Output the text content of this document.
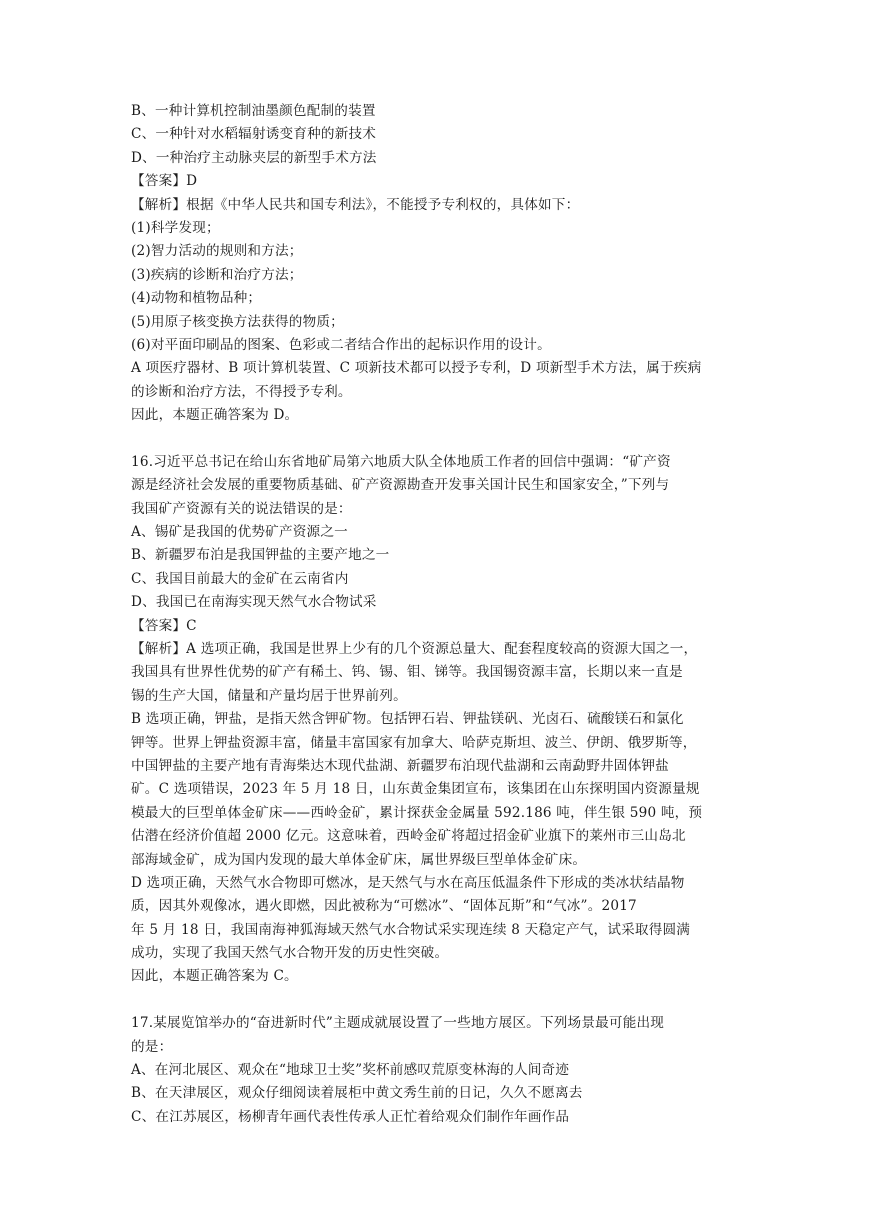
B、一种计算机控制油墨颜色配制的装置
C、一种针对水稻辐射诱变育种的新技术
D、一种治疗主动脉夹层的新型手术方法
【答案】D
【解析】根据《中华人民共和国专利法》，不能授予专利权的，具体如下：
(1)科学发现；
(2)智力活动的规则和方法；
(3)疾病的诊断和治疗方法；
(4)动物和植物品种；
(5)用原子核变换方法获得的物质；
(6)对平面印刷品的图案、色彩或二者结合作出的起标识作用的设计。
A 项医疗器材、B 项计算机装置、C 项新技术都可以授予专利，D 项新型手术方法，属于疾病
的诊断和治疗方法，不得授予专利。
因此，本题正确答案为 D。
16.习近平总书记在给山东省地矿局第六地质大队全体地质工作者的回信中强调：“矿产资
源是经济社会发展的重要物质基础、矿产资源勘查开发事关国计民生和国家安全，”下列与
我国矿产资源有关的说法错误的是：
A、锡矿是我国的优势矿产资源之一
B、新疆罗布泊是我国钾盐的主要产地之一
C、我国目前最大的金矿在云南省内
D、我国已在南海实现天然气水合物试采
【答案】C
【解析】A 选项正确，我国是世界上少有的几个资源总量大、配套程度较高的资源大国之一，
我国具有世界性优势的矿产有稀土、钨、锡、钼、锑等。我国锡资源丰富，长期以来一直是
锡的生产大国，储量和产量均居于世界前列。
B 选项正确，钾盐，是指天然含钾矿物。包括钾石岩、钾盐镁矾、光卤石、硫酸镁石和氯化
钾等。世界上钾盐资源丰富，储量丰富国家有加拿大、哈萨克斯坦、波兰、伊朗、俄罗斯等，
中国钾盐的主要产地有青海柴达木现代盐湖、新疆罗布泊现代盐湖和云南勐野井固体钾盐
矿。C 选项错误，2023 年 5 月 18 日，山东黄金集团宣布，该集团在山东探明国内资源量规
模最大的巨型单体金矿床——西岭金矿，累计探获金金属量 592.186 吨，伴生银 590 吨，预
估潜在经济价值超 2000 亿元。这意味着，西岭金矿将超过招金矿业旗下的莱州市三山岛北
部海域金矿，成为国内发现的最大单体金矿床，属世界级巨型单体金矿床。
D 选项正确，天然气水合物即可燃冰，是天然气与水在高压低温条件下形成的类冰状结晶物
质，因其外观像冰，遇火即燃，因此被称为“可燃冰”、“固体瓦斯”和“气冰”。2017
年 5 月 18 日，我国南海神狐海域天然气水合物试采实现连续 8 天稳定产气，试采取得圆满
成功，实现了我国天然气水合物开发的历史性突破。
因此，本题正确答案为 C。
17.某展览馆举办的“奋进新时代”主题成就展设置了一些地方展区。下列场景最可能出现
的是：
A、在河北展区、观众在“地球卫士奖”奖杯前感叹荒原变林海的人间奇迹
B、在天津展区，观众仔细阅读着展柜中黄文秀生前的日记，久久不愿离去
C、在江苏展区，杨柳青年画代表性传承人正忙着给观众们制作年画作品
